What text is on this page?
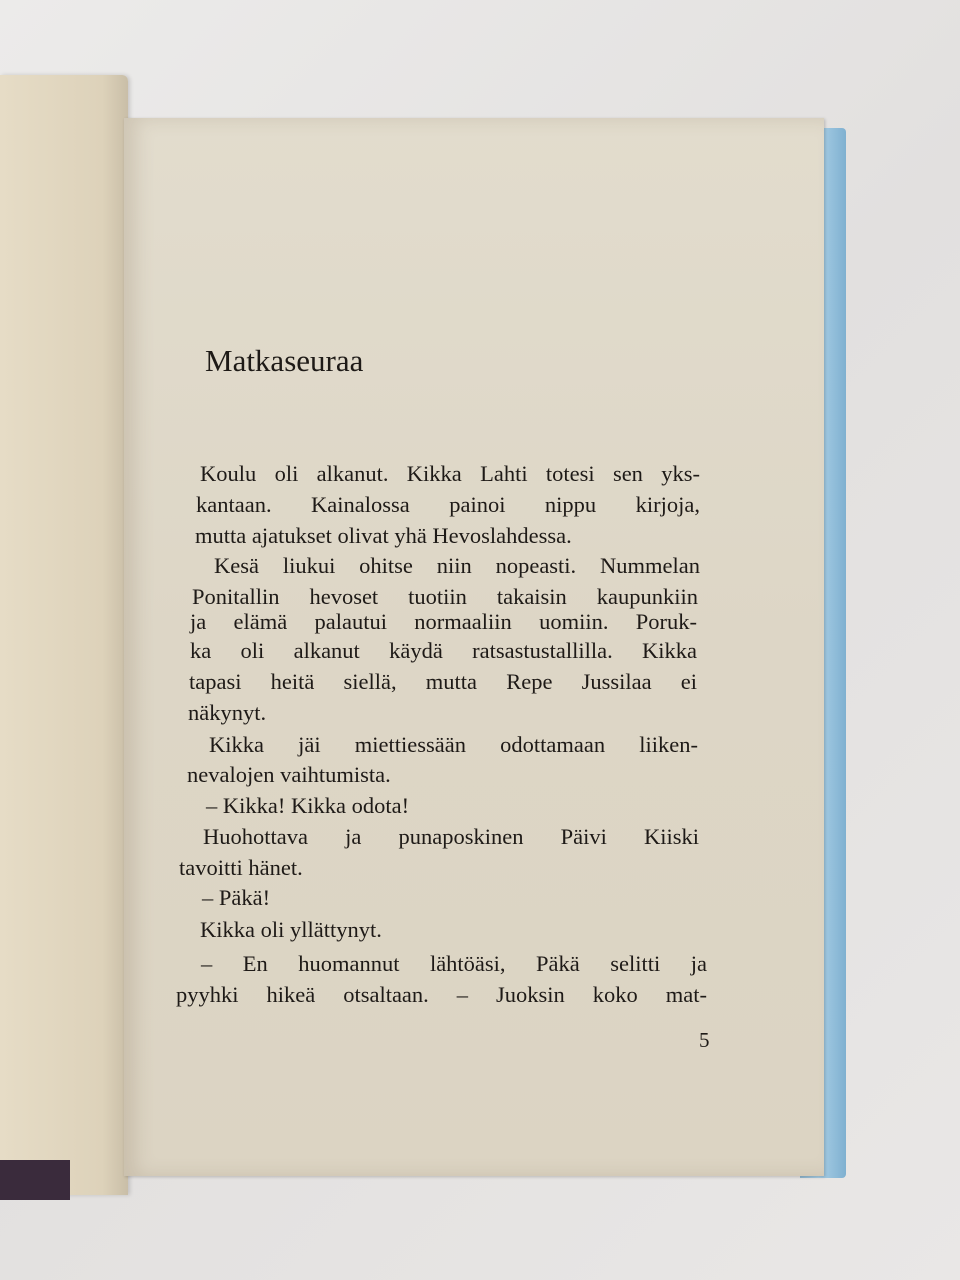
Matkaseuraa
Koulu oli alkanut. Kikka Lahti totesi sen yks-
kantaan. Kainalossa painoi nippu kirjoja,
mutta ajatukset olivat yhä Hevoslahdessa.
Kesä liukui ohitse niin nopeasti. Nummelan
Ponitallin hevoset tuotiin takaisin kaupunkiin
ja elämä palautui normaaliin uomiin. Poruk-
ka oli alkanut käydä ratsastustallilla. Kikka
tapasi heitä siellä, mutta Repe Jussilaa ei
näkynyt.
Kikka jäi miettiessään odottamaan liiken-
nevalojen vaihtumista.
– Kikka! Kikka odota!
Huohottava ja punaposkinen Päivi Kiiski
tavoitti hänet.
– Päkä!
Kikka oli yllättynyt.
– En huomannut lähtöäsi, Päkä selitti ja
pyyhki hikeä otsaltaan. – Juoksin koko mat-
5
